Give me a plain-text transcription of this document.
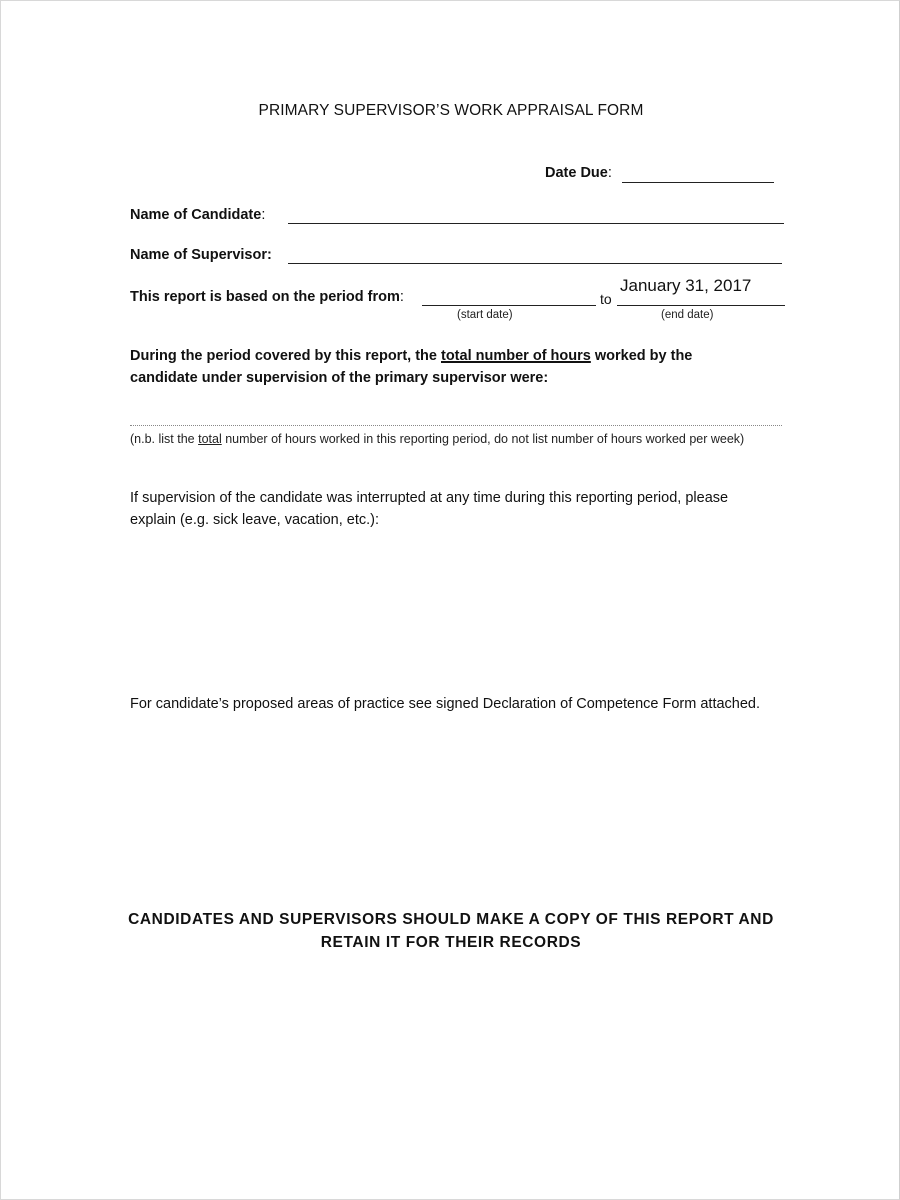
PRIMARY SUPERVISOR’S WORK APPRAISAL FORM
Date Due:
Name of Candidate:
Name of Supervisor:
This report is based on the period from:
(start date)
to
January 31, 2017
(end date)
During the period covered by this report, the total number of hours worked by the candidate under supervision of the primary supervisor were:
(n.b. list the total number of hours worked in this reporting period, do not list number of hours worked per week)
If supervision of the candidate was interrupted at any time during this reporting period, please explain (e.g. sick leave, vacation, etc.):
For candidate’s proposed areas of practice see signed Declaration of Competence Form attached.
CANDIDATES AND SUPERVISORS SHOULD MAKE A COPY OF THIS REPORT AND RETAIN IT FOR THEIR RECORDS
